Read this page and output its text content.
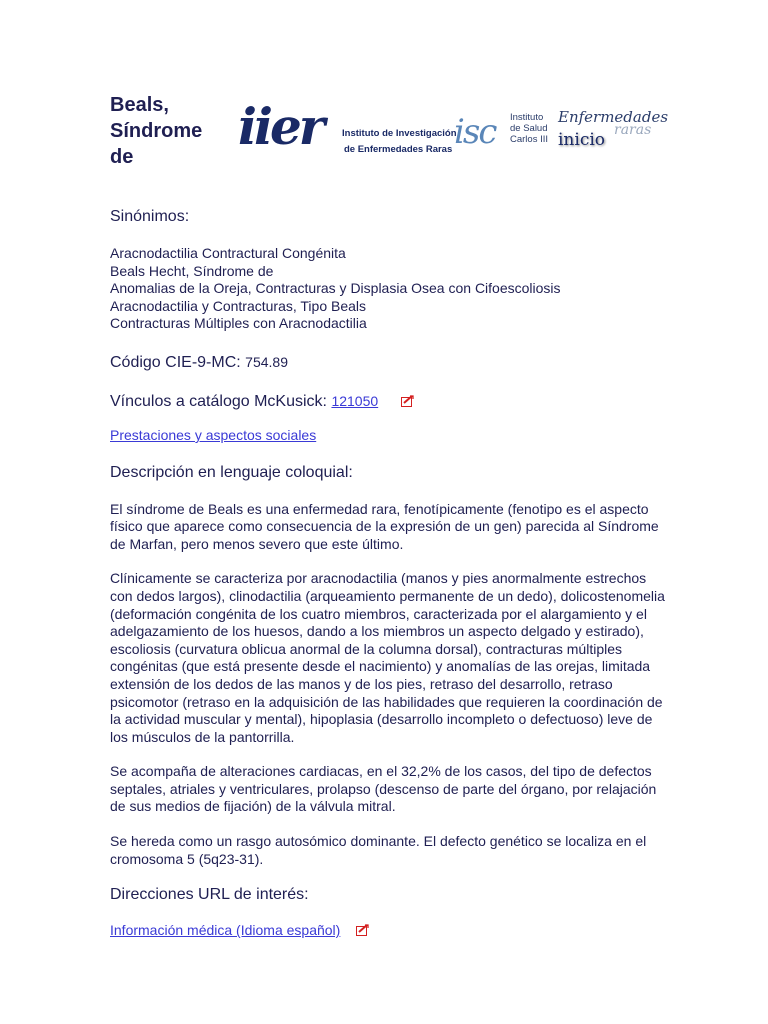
Beals, Síndrome de
iier Instituto de Investigación
de Enfermedades Raras isc Instituto
de Salud
Carlos III
Enfermedades
raras
inicio

Sinónimos:

Aracnodactilia Contractural Congénita

Beals Hecht, Síndrome de

Anomalias de la Oreja, Contracturas y Displasia Osea con Cifoescoliosis

Aracnodactilia y Contracturas, Tipo Beals

Contracturas Múltiples con Aracnodactilia

Código CIE-9-MC: 754.89

Vínculos a catálogo McKusick: 121050

Prestaciones y aspectos sociales

Descripción en lenguaje coloquial:

El síndrome de Beals es una enfermedad rara, fenotípicamente (fenotipo es el aspecto físico que aparece como consecuencia de la expresión de un gen) parecida al Síndrome de Marfan, pero menos severo que este último.

Clínicamente se caracteriza por aracnodactilia (manos y pies anormalmente estrechos con dedos largos), clinodactilia (arqueamiento permanente de un dedo), dolicostenomelia (deformación congénita de los cuatro miembros, caracterizada por el alargamiento y el adelgazamiento de los huesos, dando a los miembros un aspecto delgado y estirado), escoliosis (curvatura oblicua anormal de la columna dorsal), contracturas múltiples congénitas (que está presente desde el nacimiento) y anomalías de las orejas, limitada extensión de los dedos de las manos y de los pies, retraso del desarrollo, retraso psicomotor (retraso en la adquisición de las habilidades que requieren la coordinación de la actividad muscular y mental), hipoplasia (desarrollo incompleto o defectuoso) leve de los músculos de la pantorrilla.

Se acompaña de alteraciones cardiacas, en el 32,2% de los casos, del tipo de defectos septales, atriales y ventriculares, prolapso (descenso de parte del órgano, por relajación de sus medios de fijación) de la válvula mitral.

Se hereda como un rasgo autosómico dominante. El defecto genético se localiza en el cromosoma 5 (5q23-31).

Direcciones URL de interés:

Información médica (Idioma español)
